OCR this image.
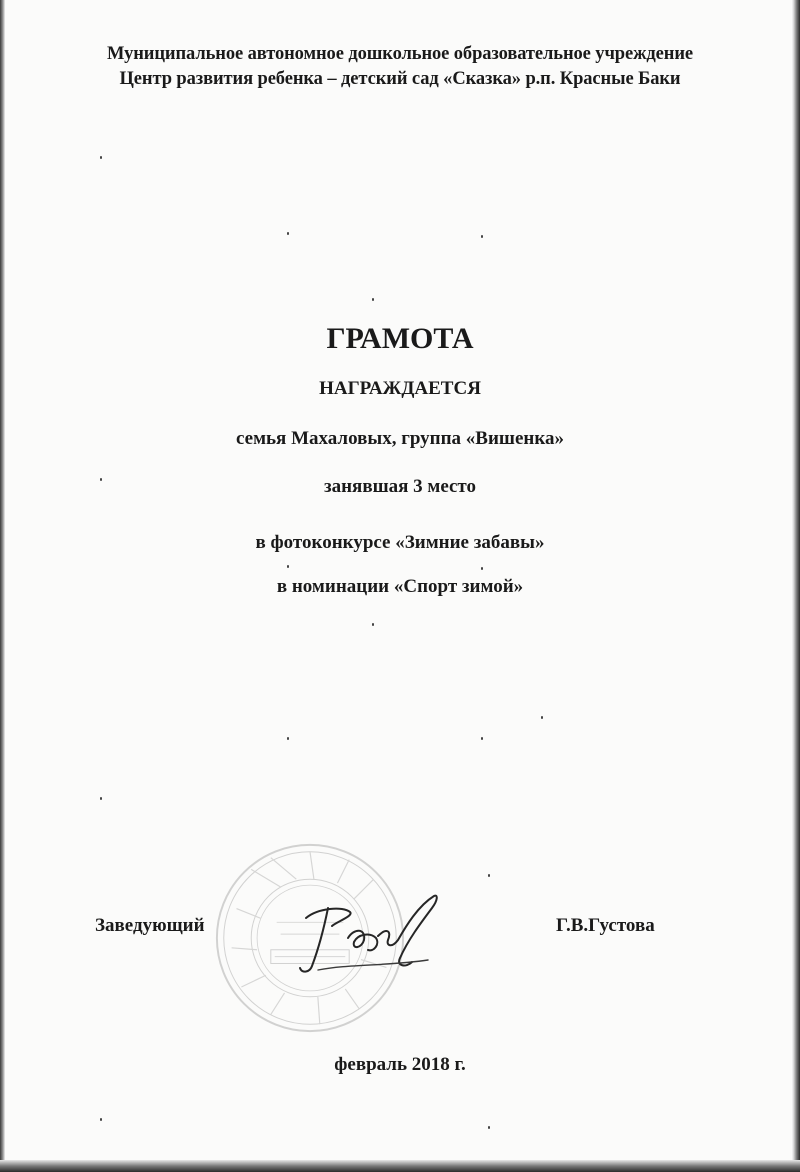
Муниципальное автономное дошкольное образовательное учреждение
Центр развития ребенка – детский сад «Сказка» р.п. Красные Баки
ГРАМОТА
НАГРАЖДАЕТСЯ
семья Махаловых, группа «Вишенка»
занявшая 3 место
в фотоконкурсе «Зимние забавы»
в номинации «Спорт зимой»
Заведующий	Г.В.Густова
февраль 2018 г.
